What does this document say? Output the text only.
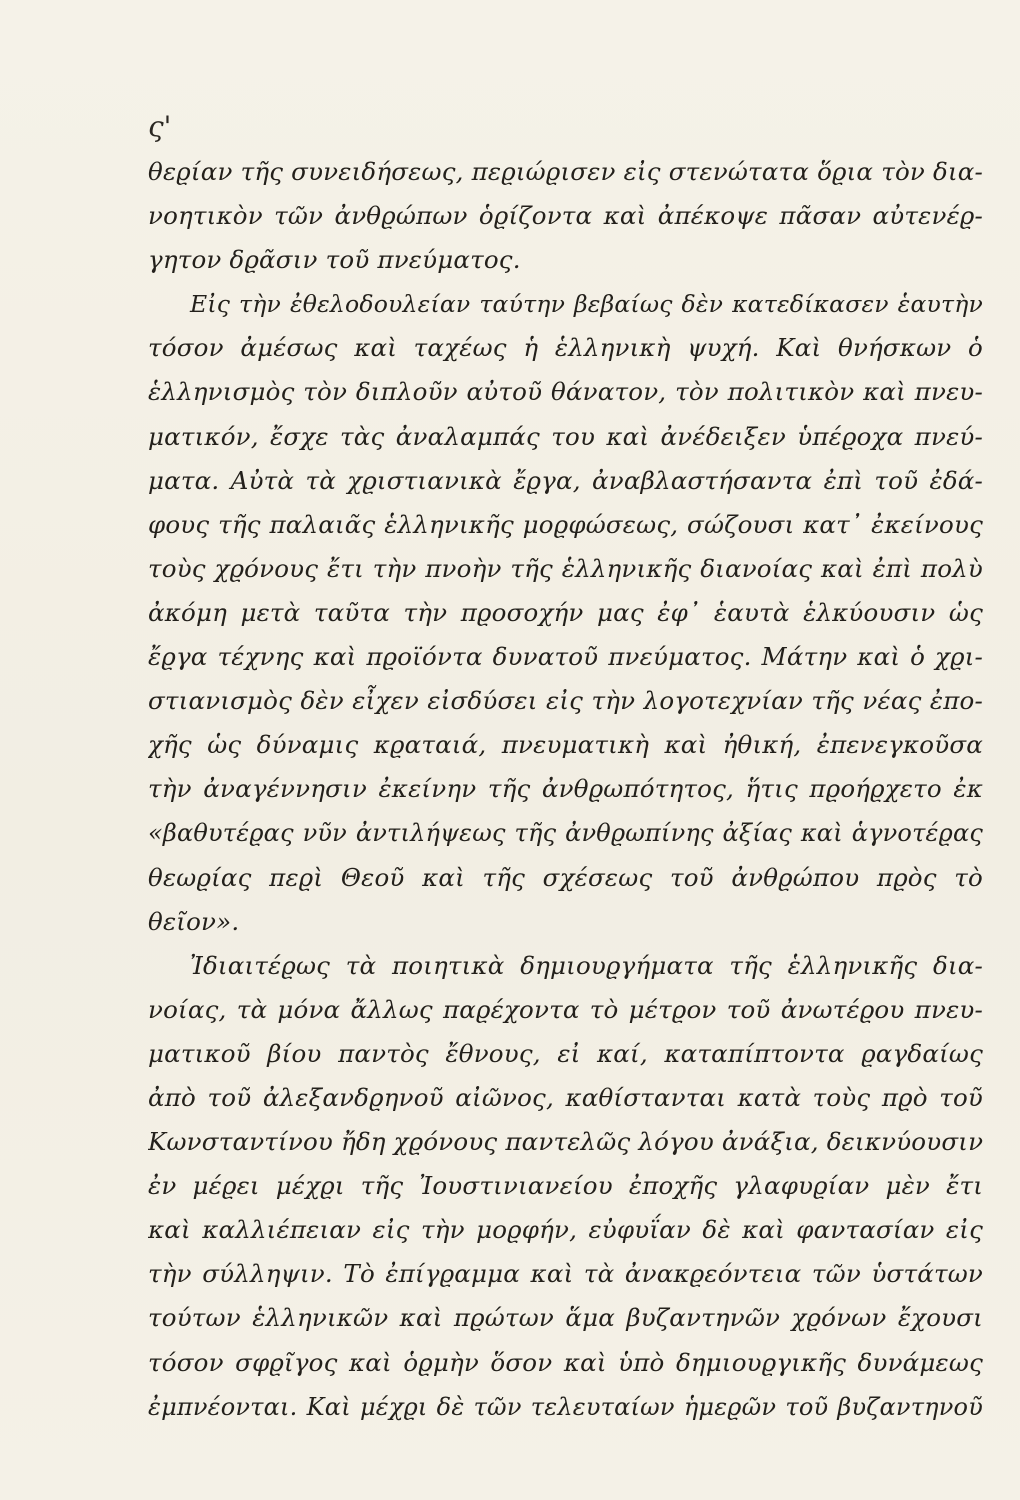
ς'
θεϱίαν τῆς συνειδήσεως, πεϱιώϱισεν εἰς στενώτατα ὅϱια τὸν δια-
νοητικὸν τῶν ἀνθϱώπων ὁϱίζοντα καὶ ἀπέκοψε πᾶσαν αὐτενέϱ-
γητον δϱᾶσιν τοῦ πνεύματος.
Εἰς τὴν ἐθελοδουλείαν ταύτην βεβαίως δὲν κατεδίκασεν ἑαυτὴν
τόσον ἀμέσως καὶ ταχέως ἡ ἑλληνικὴ ψυχή. Καὶ θνήσκων ὁ
ἑλληνισμὸς τὸν διπλοῦν αὐτοῦ θάνατον, τὸν πολιτικὸν καὶ πνευ-
ματικόν, ἔσχε τὰς ἀναλαμπάς του καὶ ἀνέδειξεν ὑπέϱοχα πνεύ-
ματα. Αὐτὰ τὰ χϱιστιανικὰ ἔϱγα, ἀναβλαστήσαντα ἐπὶ τοῦ ἐδά-
φους τῆς παλαιᾶς ἑλληνικῆς μοϱφώσεως, σώζουσι κατ᾽ ἐκείνους
τοὺς χϱόνους ἔτι τὴν πνοὴν τῆς ἑλληνικῆς διανοίας καὶ ἐπὶ πολὺ
ἀκόμη μετὰ ταῦτα τὴν πϱοσοχήν μας ἐφ᾽ ἑαυτὰ ἑλκύουσιν ὡς
ἔϱγα τέχνης καὶ πϱοϊόντα δυνατοῦ πνεύματος. Μάτην καὶ ὁ χϱι-
στιανισμὸς δὲν εἶχεν εἰσδύσει εἰς τὴν λογοτεχνίαν τῆς νέας ἐπο-
χῆς ὡς δύναμις κϱαταιά, πνευματικὴ καὶ ἠθική, ἐπενεγκοῦσα
τὴν ἀναγέννησιν ἐκείνην τῆς ἀνθϱωπότητος, ἥτις πϱοήϱχετο ἐκ
«βαθυτέϱας νῦν ἀντιλήψεως τῆς ἀνθϱωπίνης ἀξίας καὶ ἁγνοτέϱας
θεωϱίας πεϱὶ Θεοῦ καὶ τῆς σχέσεως τοῦ ἀνθϱώπου πϱὸς τὸ
θεῖον».
Ἰδιαιτέϱως τὰ ποιητικὰ δημιουϱγήματα τῆς ἑλληνικῆς δια-
νοίας, τὰ μόνα ἄλλως παϱέχοντα τὸ μέτϱον τοῦ ἀνωτέϱου πνευ-
ματικοῦ βίου παντὸς ἔθνους, εἰ καί, καταπίπτοντα ϱαγδαίως
ἀπὸ τοῦ ἀλεξανδϱηνοῦ αἰῶνος, καθίστανται κατὰ τοὺς πϱὸ τοῦ
Κωνσταντίνου ἤδη χϱόνους παντελῶς λόγου ἀνάξια, δεικνύουσιν
ἐν μέϱει μέχϱι τῆς Ἰουστινιανείου ἐποχῆς γλαφυϱίαν μὲν ἔτι
καὶ καλλιέπειαν εἰς τὴν μοϱφήν, εὐφυΐαν δὲ καὶ φαντασίαν εἰς
τὴν σύλληψιν. Τὸ ἐπίγϱαμμα καὶ τὰ ἀνακϱεόντεια τῶν ὑστάτων
τούτων ἑλληνικῶν καὶ πϱώτων ἅμα βυζαντηνῶν χϱόνων ἔχουσι
τόσον σφϱῖγος καὶ ὁϱμὴν ὅσον καὶ ὑπὸ δημιουϱγικῆς δυνάμεως
ἐμπνέονται. Καὶ μέχϱι δὲ τῶν τελευταίων ἡμεϱῶν τοῦ βυζαντηνοῦ
